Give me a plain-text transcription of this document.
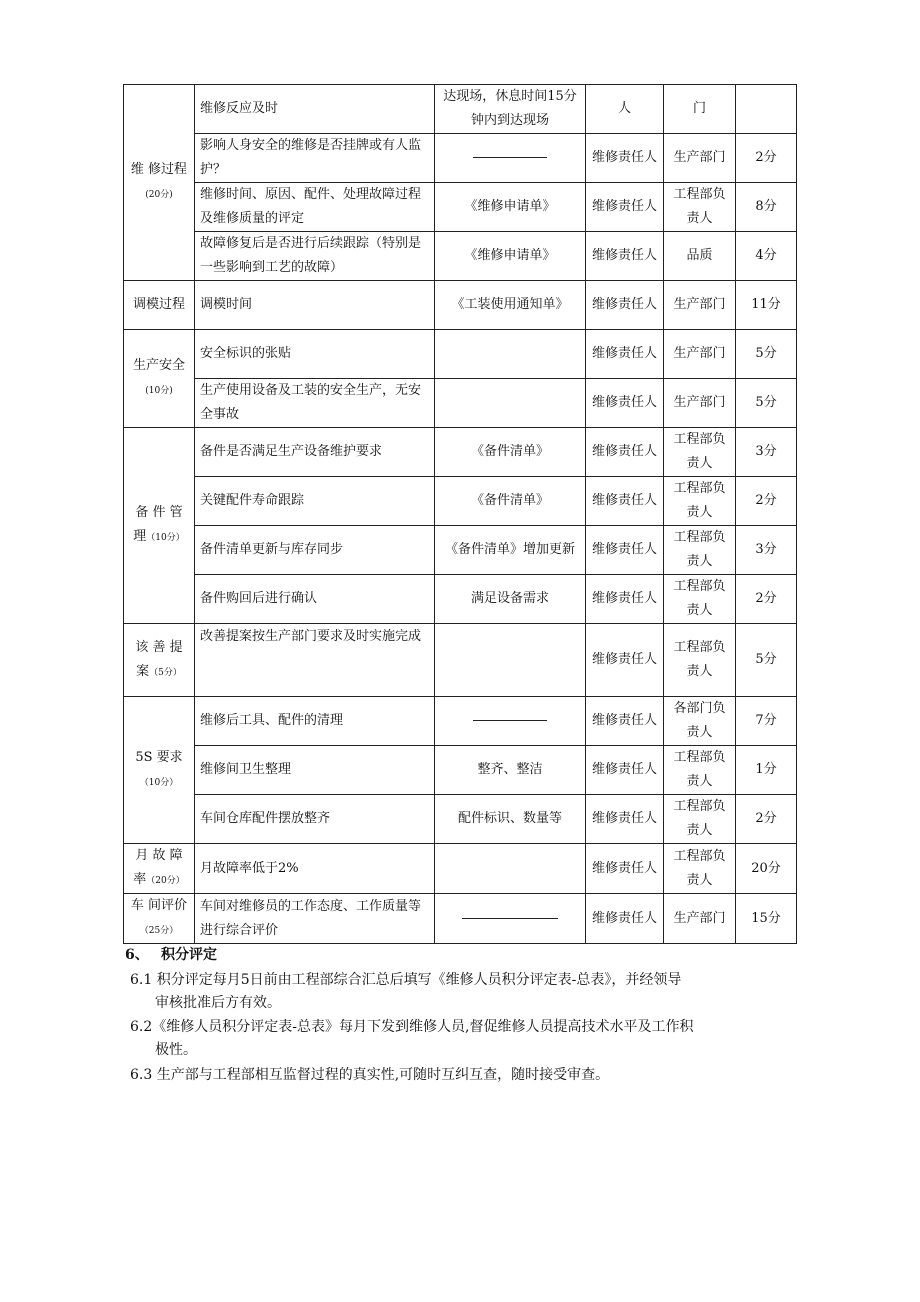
维 修过程(20分)	维修反应及时	达现场，休息时间15分钟内到达现场	人	门	
	影响人身安全的维修是否挂牌或有人监护？		维修责任人	生产部门	2分
	维修时间、原因、配件、处理故障过程及维修质量的评定	《维修申请单》	维修责任人	工程部负责人	8分
	故障修复后是否进行后续跟踪（特别是一些影响到工艺的故障）	《维修申请单》	维修责任人	品质	4分
调模过程	调模时间	《工装使用通知单》	维修责任人	生产部门	11分
生产安全(10分)	安全标识的张贴		维修责任人	生产部门	5分
	生产使用设备及工装的安全生产，无安全事故		维修责任人	生产部门	5分
备 件 管理（10分）	备件是否满足生产设备维护要求	《备件清单》	维修责任人	工程部负责人	3分
	关键配件寿命跟踪	《备件清单》	维修责任人	工程部负责人	2分
	备件清单更新与库存同步	《备件清单》增加更新	维修责任人	工程部负责人	3分
	备件购回后进行确认	满足设备需求	维修责任人	工程部负责人	2分
该 善 提案（5分）	改善提案按生产部门要求及时实施完成		维修责任人	工程部负责人	5分
5S 要求（10分）	维修后工具、配件的清理		维修责任人	各部门负责人	7分
	维修间卫生整理	整齐、整洁	维修责任人	工程部负责人	1分
	车间仓库配件摆放整齐	配件标识、数量等	维修责任人	工程部负责人	2分
月 故 障率（20分）	月故障率低于2%		维修责任人	工程部负责人	20分
车 间评价（25分）	车间对维修员的工作态度、工作质量等进行综合评价		维修责任人	生产部门	15分
6、 积分评定
6.1 积分评定每月5日前由工程部综合汇总后填写《维修人员积分评定表-总表》，并经领导
审核批准后方有效。
6.2《维修人员积分评定表-总表》每月下发到维修人员,督促维修人员提高技术水平及工作积
极性。
6.3 生产部与工程部相互监督过程的真实性,可随时互纠互查，随时接受审查。
